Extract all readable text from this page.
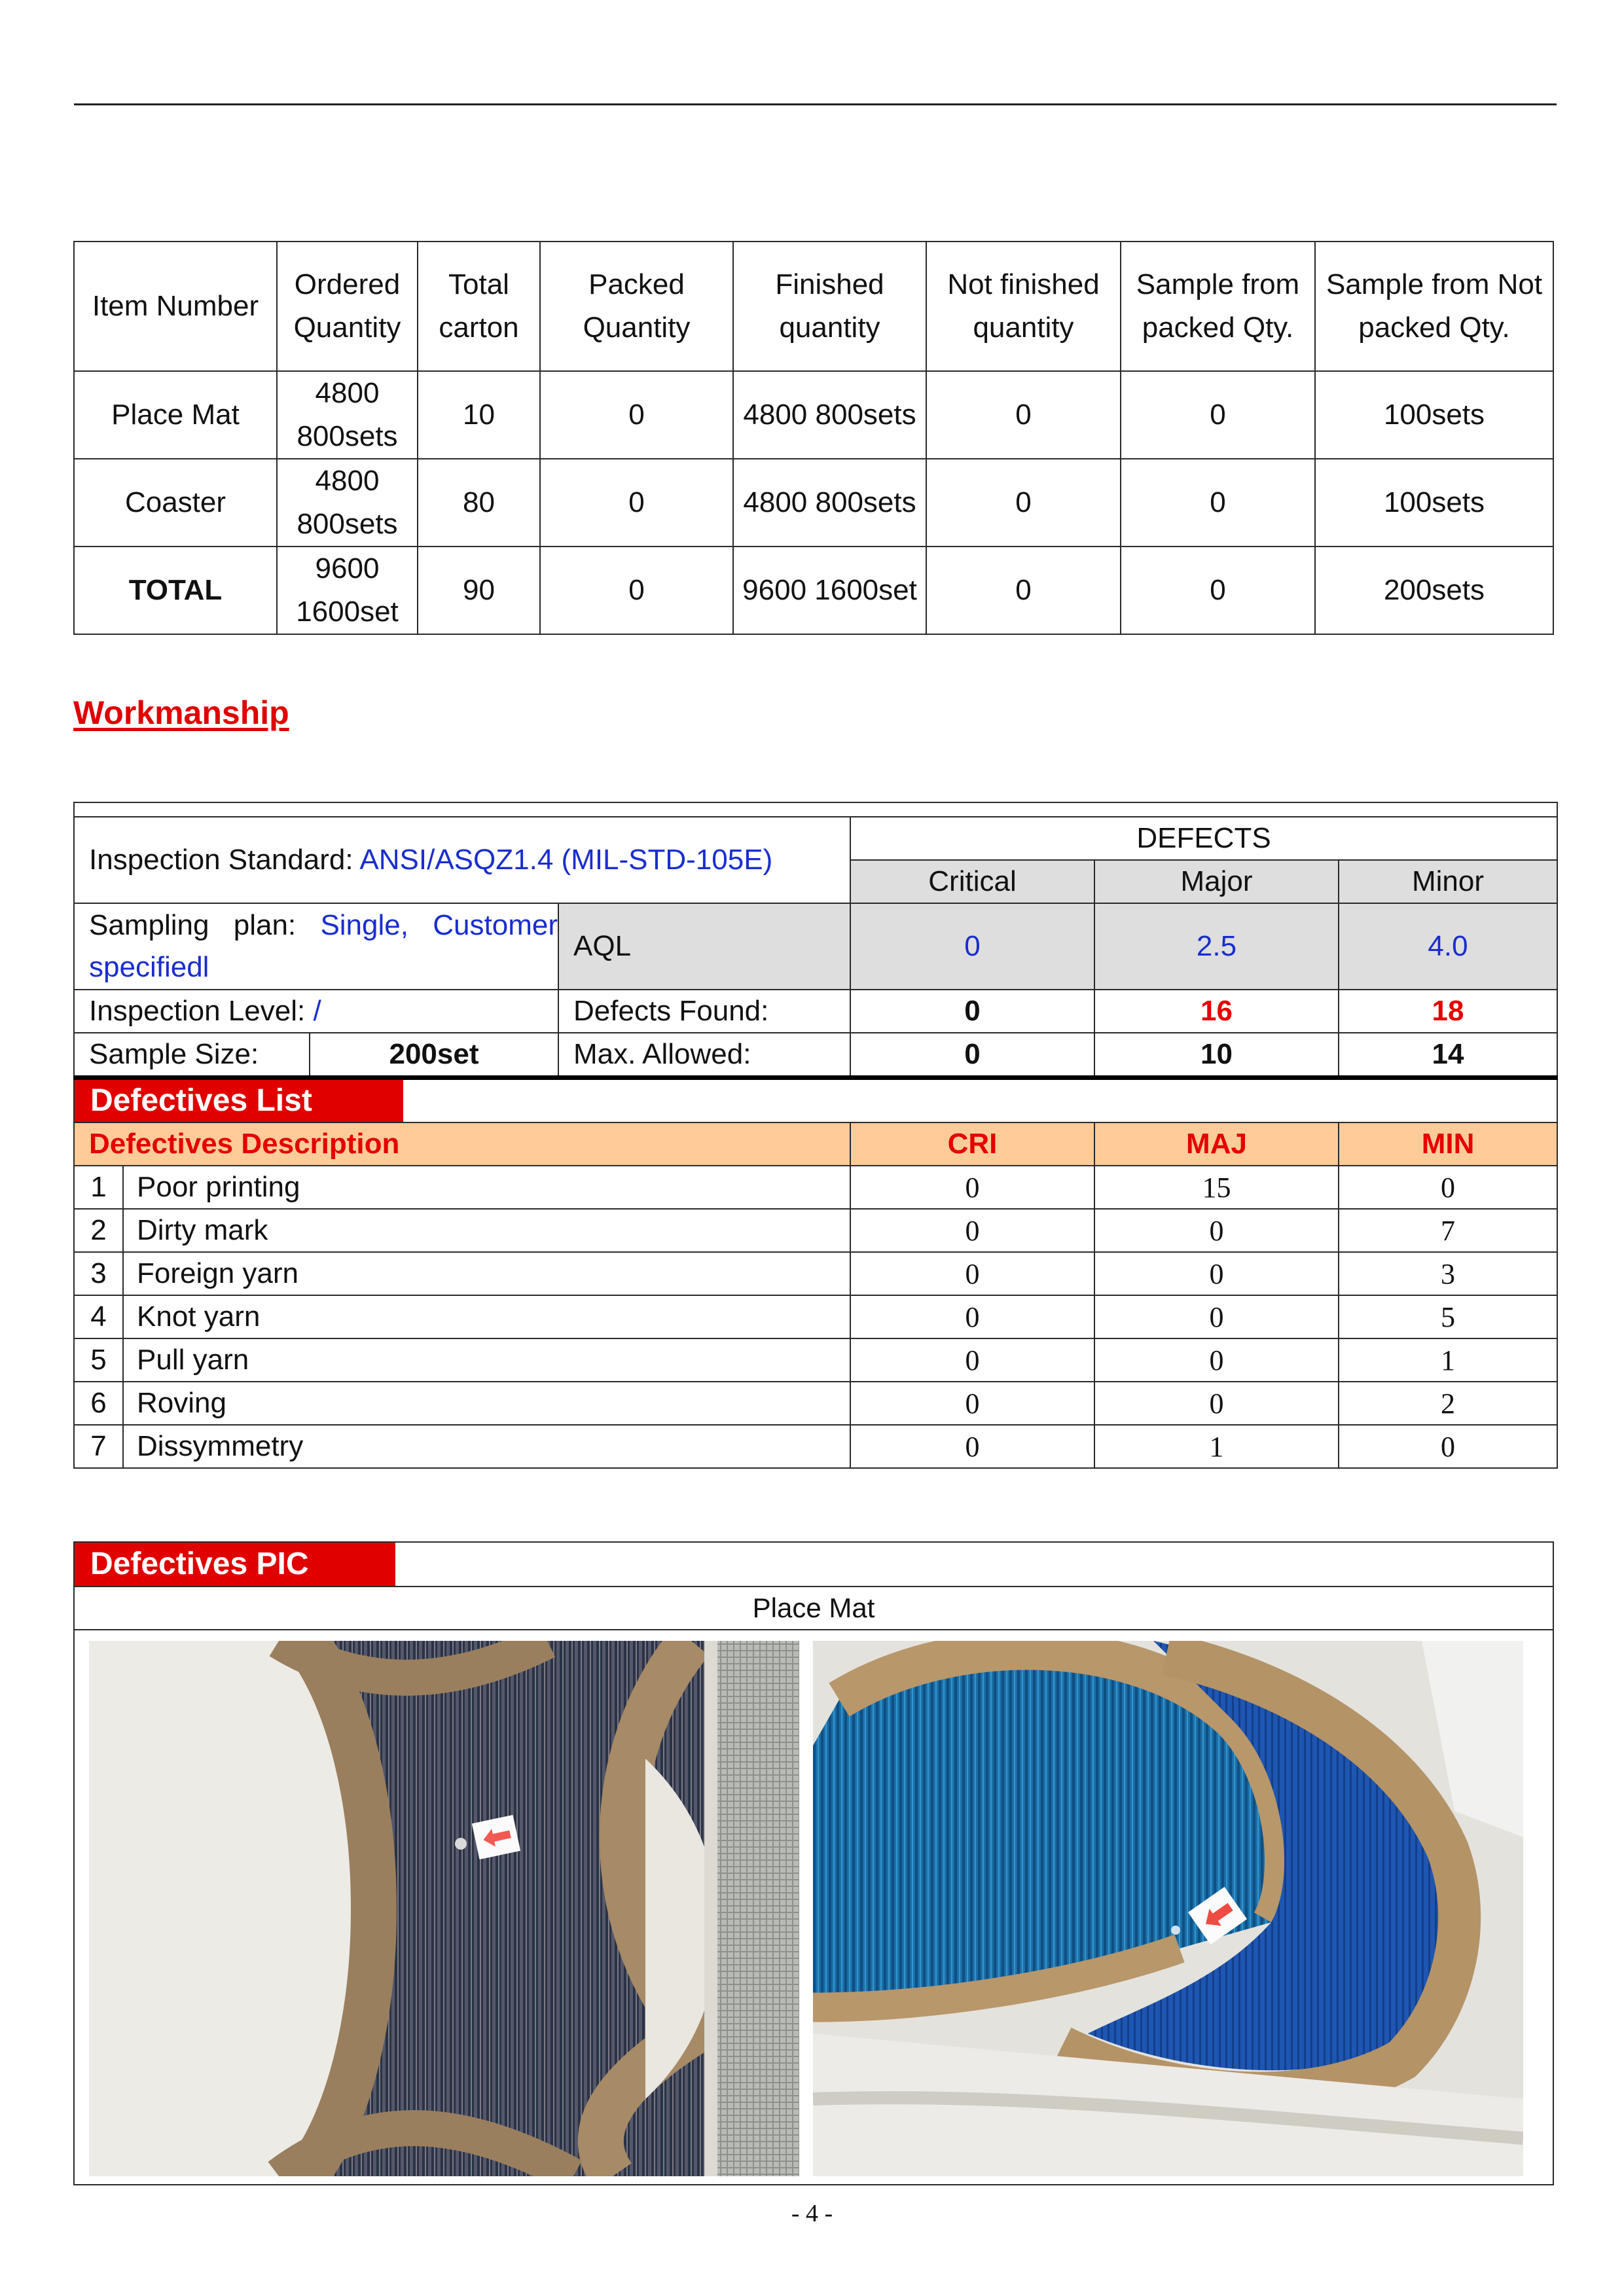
Item Number	Ordered Quantity	Total carton	Packed Quantity	Finished quantity	Not finished quantity	Sample from packed Qty.	Sample from Not packed Qty.
Place Mat	4800 800sets	10	0	4800 800sets	0	0	100sets
Coaster	4800 800sets	80	0	4800 800sets	0	0	100sets
TOTAL	9600 1600set	90	0	9600 1600set	0	0	200sets
Workmanship

Inspection Standard: ANSI/ASQZ1.4 (MIL-STD-105E)				DEFECTS		
				Critical	Major	Minor
Sampling plan: Single, Customer specifiedl			AQL	0	2.5	4.0
Inspection Level: /			Defects Found:	0	16	18
Sample Size:		200set	Max. Allowed:	0	10	14

Defectives List						

Defectives Description				CRI	MAJ	MIN
1	Poor printing			0	15	0
2	Dirty mark			0	0	7
3	Foreign yarn			0	0	3
4	Knot yarn			0	0	5
5	Pull yarn			0	0	1
6	Roving			0	0	2
7	Dissymmetry			0	1	0
Defectives PIC
Place Mat
- 4 -
